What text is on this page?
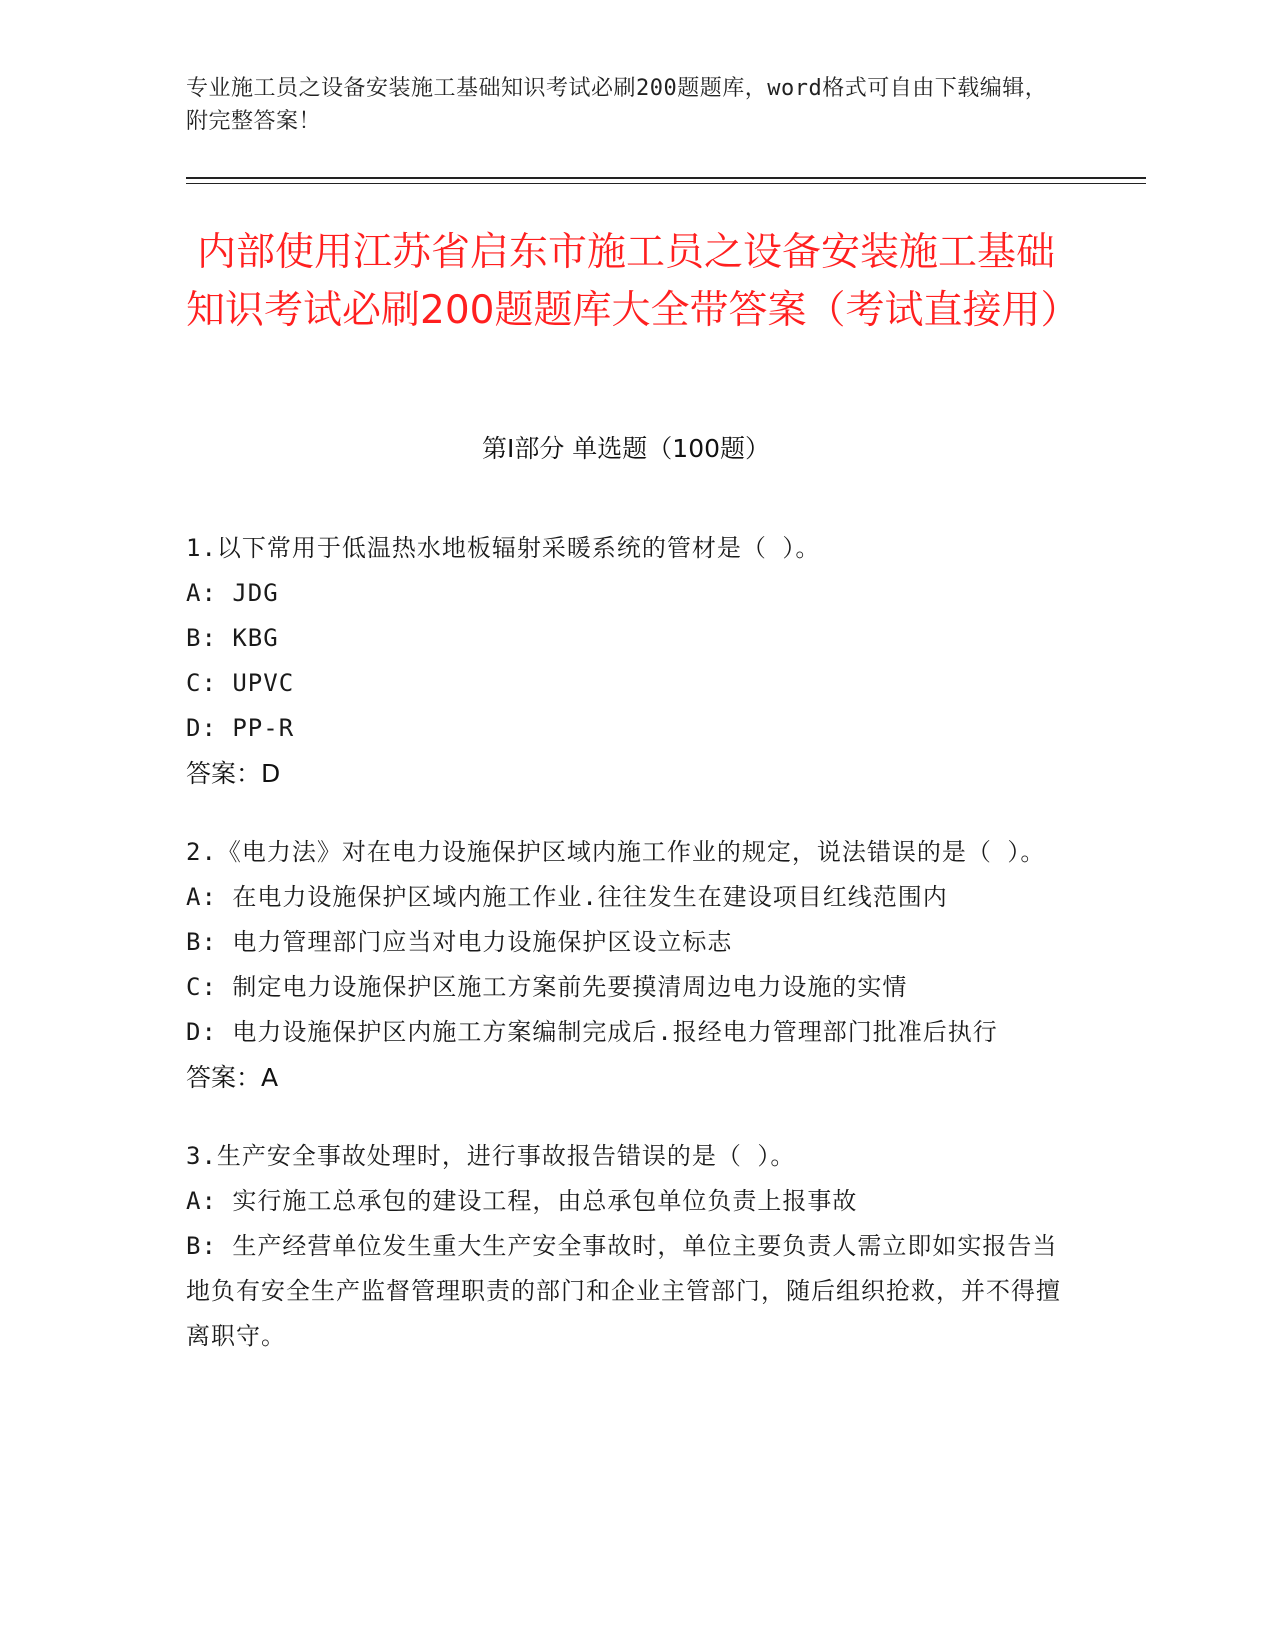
专业施工员之设备安装施工基础知识考试必刷200题题库，word格式可自由下载编辑，附完整答案！
内部使用江苏省启东市施工员之设备安装施工基础知识考试必刷200题题库大全带答案（考试直接用）
第Ⅰ部分 单选题（100题）
1.以下常用于低温热水地板辐射采暖系统的管材是（ ）。
A: JDG
B: KBG
C: UPVC
D: PP-R
答案：D
2.《电力法》对在电力设施保护区域内施工作业的规定，说法错误的是（ ）。
A: 在电力设施保护区域内施工作业.往往发生在建设项目红线范围内
B: 电力管理部门应当对电力设施保护区设立标志
C: 制定电力设施保护区施工方案前先要摸清周边电力设施的实情
D: 电力设施保护区内施工方案编制完成后.报经电力管理部门批准后执行
答案：A
3.生产安全事故处理时，进行事故报告错误的是（ ）。
A: 实行施工总承包的建设工程，由总承包单位负责上报事故
B: 生产经营单位发生重大生产安全事故时，单位主要负责人需立即如实报告当地负有安全生产监督管理职责的部门和企业主管部门，随后组织抢救，并不得擅离职守。
